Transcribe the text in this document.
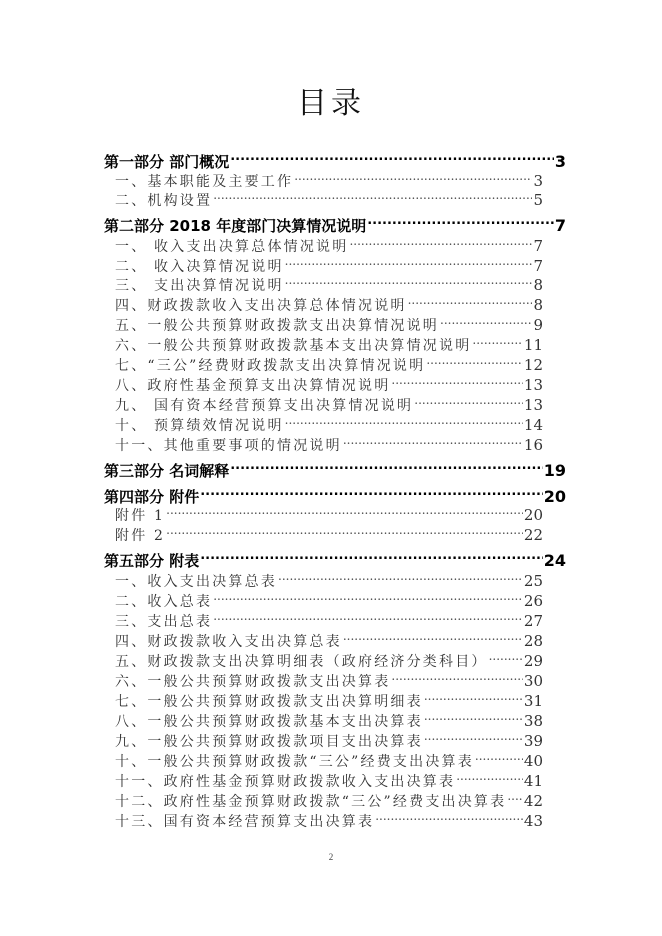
目录
第一部分 部门概况 .....	3
一、基本职能及主要工作 .....	3
二、机构设置 .....	5
第二部分 2018 年度部门决算情况说明 .....	7
一、 收入支出决算总体情况说明 .....	7
二、 收入决算情况说明 .....	7
三、 支出决算情况说明 .....	8
四、财政拨款收入支出决算总体情况说明 .....	8
五、一般公共预算财政拨款支出决算情况说明 .....	9
六、一般公共预算财政拨款基本支出决算情况说明 .....	11
七、“三公”经费财政拨款支出决算情况说明 .....	12
八、政府性基金预算支出决算情况说明 .....	13
九、 国有资本经营预算支出决算情况说明 .....	13
十、 预算绩效情况说明 .....	14
十一、其他重要事项的情况说明 .....	16
第三部分 名词解释 .....	19
第四部分 附件 .....	20
附件 1 .....	20
附件 2 .....	22
第五部分 附表 .....	24
一、收入支出决算总表 .....	25
二、收入总表 .....	26
三、支出总表 .....	27
四、财政拨款收入支出决算总表 .....	28
五、财政拨款支出决算明细表（政府经济分类科目） ..... 29
六、一般公共预算财政拨款支出决算表 .....	30
七、一般公共预算财政拨款支出决算明细表 .....	31
八、一般公共预算财政拨款基本支出决算表 .....	38
九、一般公共预算财政拨款项目支出决算表 .....	39
十、一般公共预算财政拨款“三公”经费支出决算表 .....	40
十一、政府性基金预算财政拨款收入支出决算表 .....	41
十二、政府性基金预算财政拨款“三公”经费支出决算表 ..... 42
十三、国有资本经营预算支出决算表 .....	43
2
